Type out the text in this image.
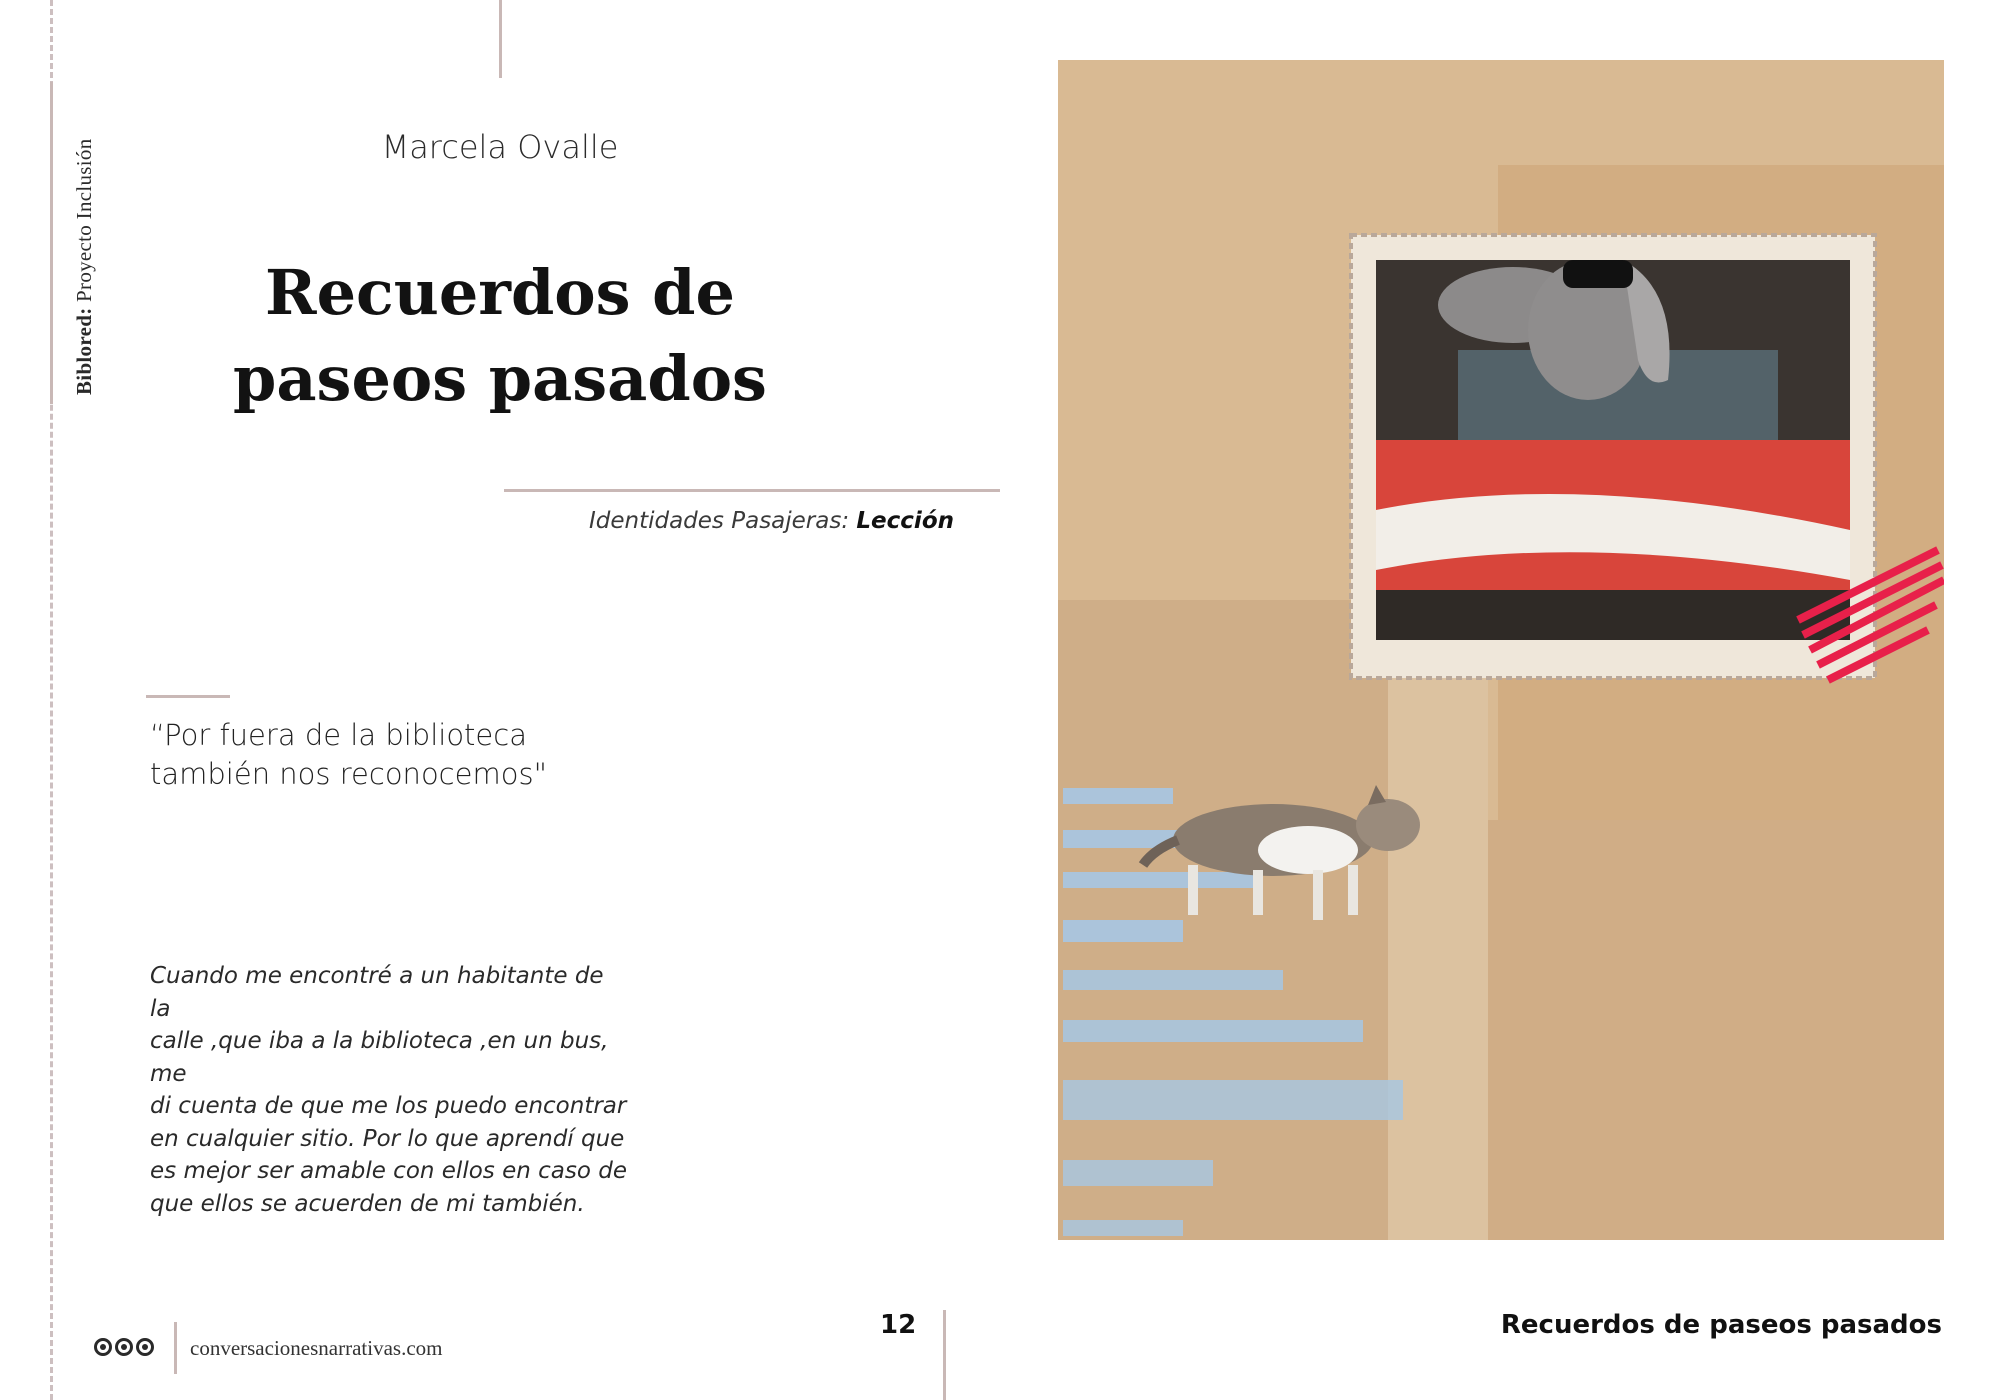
Biblored: Proyecto Inclusión	Marcela Ovalle
Recuerdos de
paseos pasados
Identidades Pasajeras: Lección
“Por fuera de la biblioteca
también nos reconocemos"
Cuando me encontré a un habitante de la
calle ,que iba a la biblioteca ,en un bus, me
di cuenta de que me los puedo encontrar
en cualquier sitio. Por lo que aprendí que
es mejor ser amable con ellos en caso de
que ellos se acuerden de mi también.
conversacionesnarrativas.com
12	Recuerdos de paseos pasados
